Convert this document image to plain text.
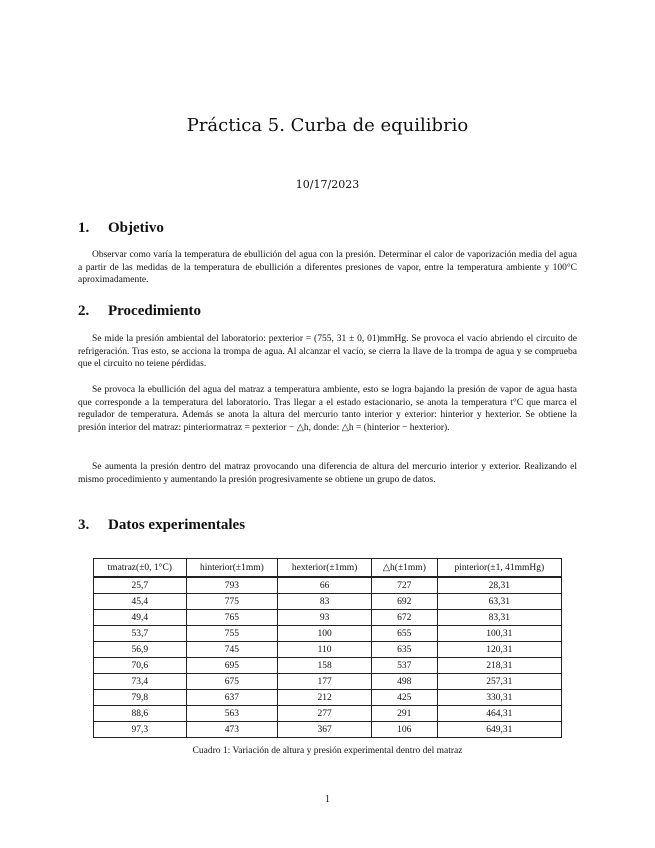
Práctica 5. Curba de equilibrio
10/17/2023
1. Objetivo
Observar como varía la temperatura de ebullición del agua con la presión. Determinar el calor de vaporización media del agua a partir de las medidas de la temperatura de ebullición a diferentes presiones de vapor, entre la temperatura ambiente y 100°C aproximadamente.
2. Procedimiento
Se mide la presión ambiental del laboratorio: pexterior = (755, 31 ± 0, 01)mmHg. Se provoca el vacío abriendo el circuito de refrigeración. Tras esto, se acciona la trompa de agua. Al alcanzar el vacío, se cierra la llave de la trompa de agua y se comprueba que el circuito no teiene pérdidas.
Se provoca la ebullición del agua del matraz a temperatura ambiente, esto se logra bajando la presión de vapor de agua hasta que corresponde a la temperatura del laboratorio. Tras llegar a el estado estacionario, se anota la temperatura t°C que marca el regulador de temperatura. Además se anota la altura del mercurio tanto interior y exterior: hinterior y hexterior. Se obtiene la presión interior del matraz: pinteriormatraz = pexterior − △h, donde: △h = (hinterior − hexterior).
Se aumenta la presión dentro del matraz provocando una diferencia de altura del mercurio interior y exterior. Realizando el mismo procedimiento y aumentando la presión progresivamente se obtiene un grupo de datos.
3. Datos experimentales
tmatraz(±0, 1°C)	hinterior(±1mm)	hexterior(±1mm)	△h(±1mm)	pinterior(±1, 41mmHg)
25,7	793	66	727	28,31
45,4	775	83	692	63,31
49,4	765	93	672	83,31
53,7	755	100	655	100,31
56,9	745	110	635	120,31
70,6	695	158	537	218,31
73,4	675	177	498	257,31
79,8	637	212	425	330,31
88,6	563	277	291	464,31
97,3	473	367	106	649,31
Cuadro 1: Variación de altura y presión experimental dentro del matraz
1
